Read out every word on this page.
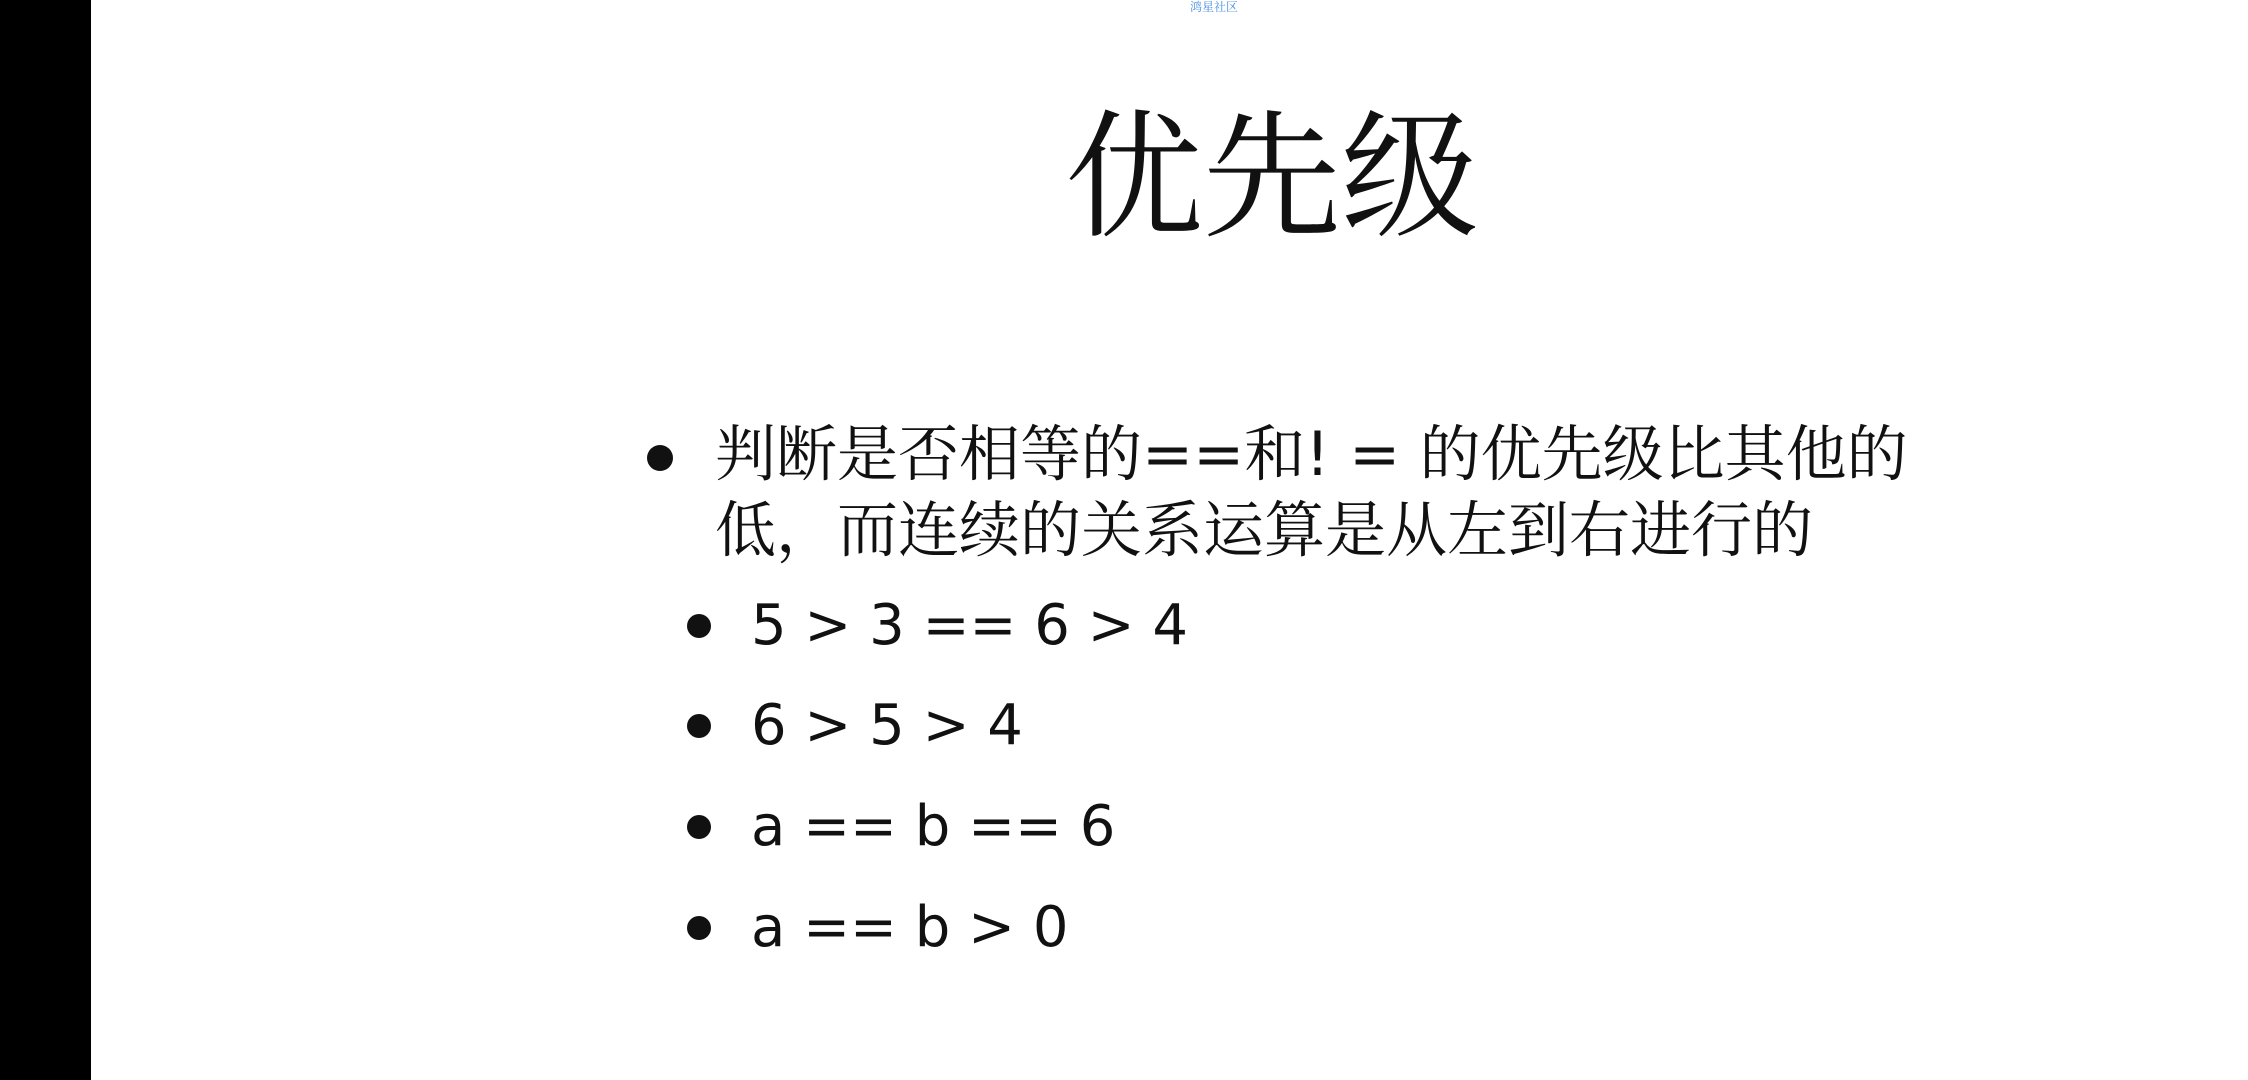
鸿星社区
优先级
判断是否相等的==和! = 的优先级比其他的低，而连续的关系运算是从左到右进行的
5 > 3 == 6 > 4
6 > 5 > 4
a == b == 6
a == b > 0
